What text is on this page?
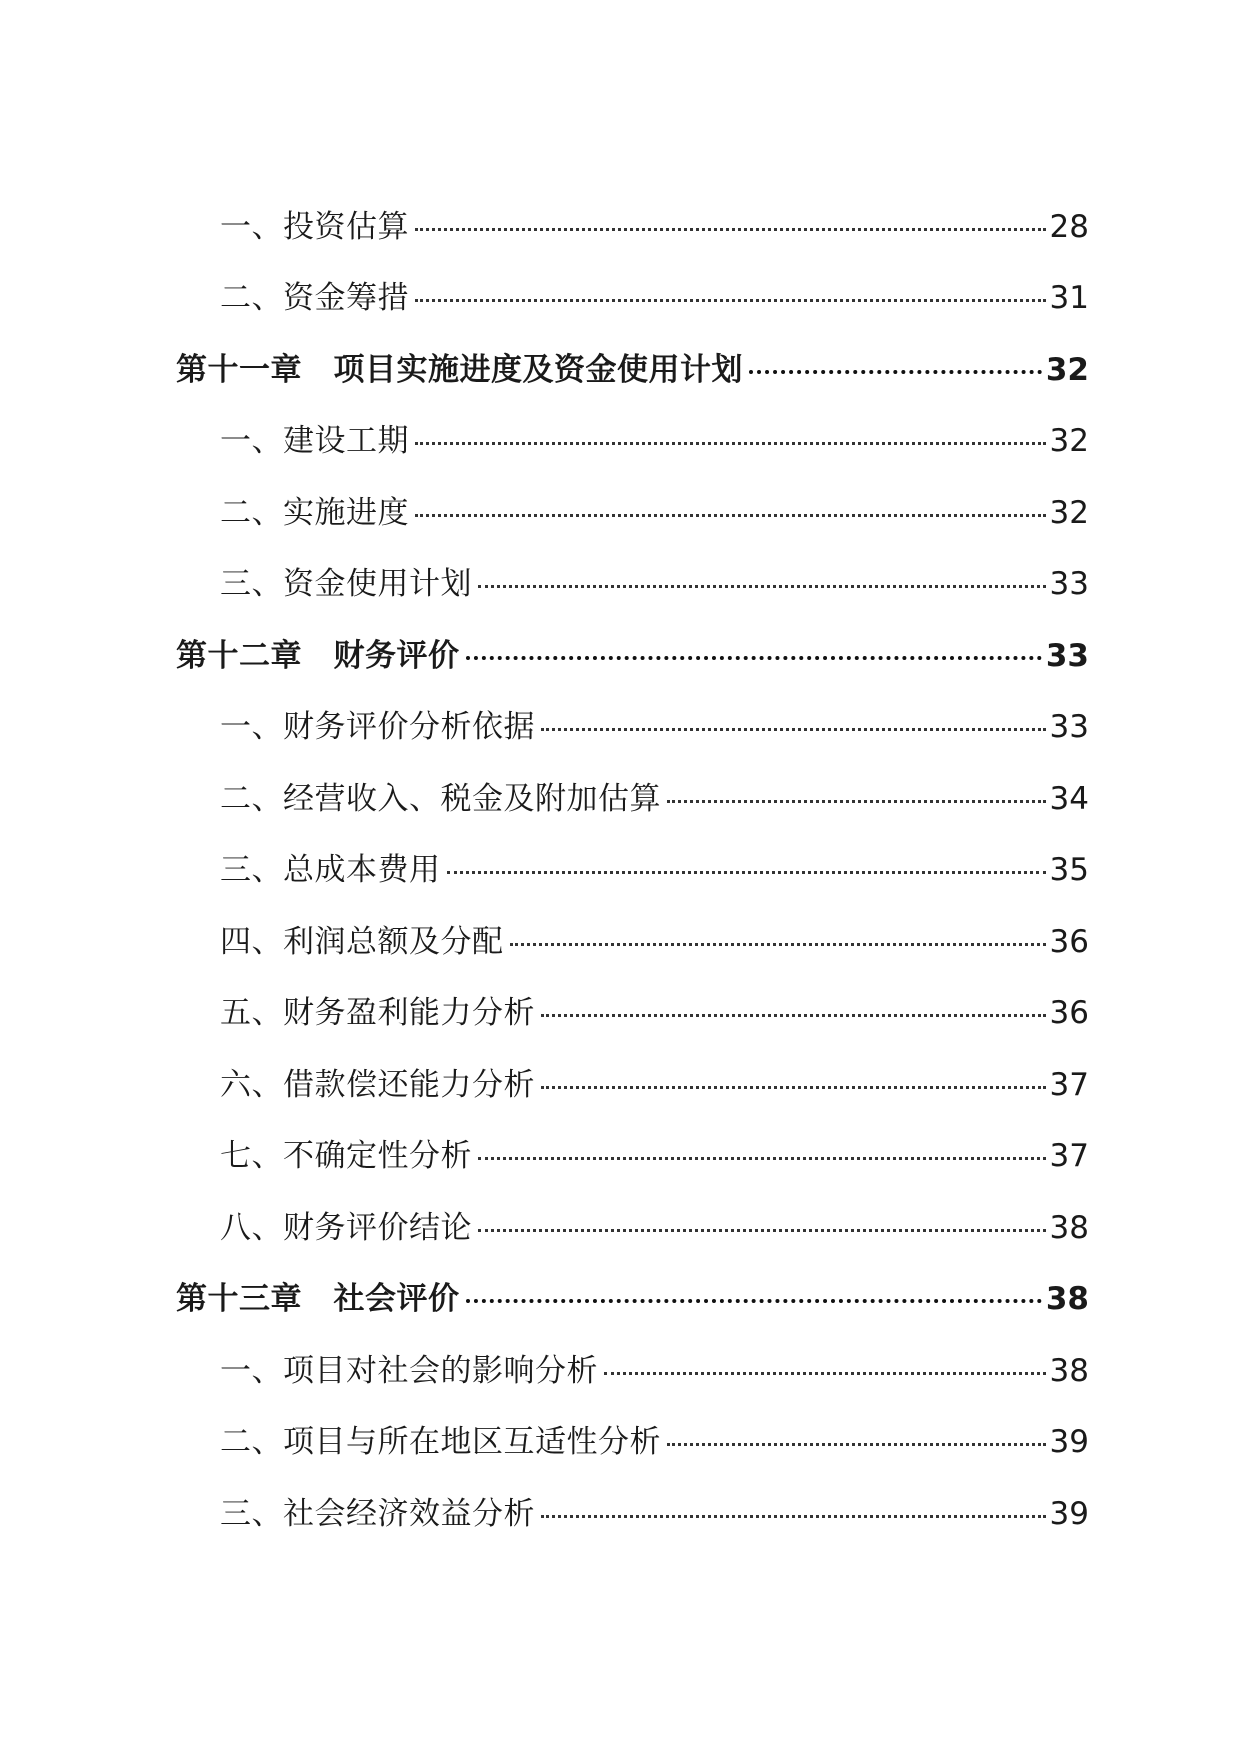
一、投资估算	28
二、资金筹措	31
第十一章　项目实施进度及资金使用计划	32
一、建设工期	32
二、实施进度	32
三、资金使用计划	33
第十二章　财务评价	33
一、财务评价分析依据	33
二、经营收入、税金及附加估算	34
三、总成本费用	35
四、利润总额及分配	36
五、财务盈利能力分析	36
六、借款偿还能力分析	37
七、不确定性分析	37
八、财务评价结论	38
第十三章　社会评价	38
一、项目对社会的影响分析	38
二、项目与所在地区互适性分析	39
三、社会经济效益分析	39
